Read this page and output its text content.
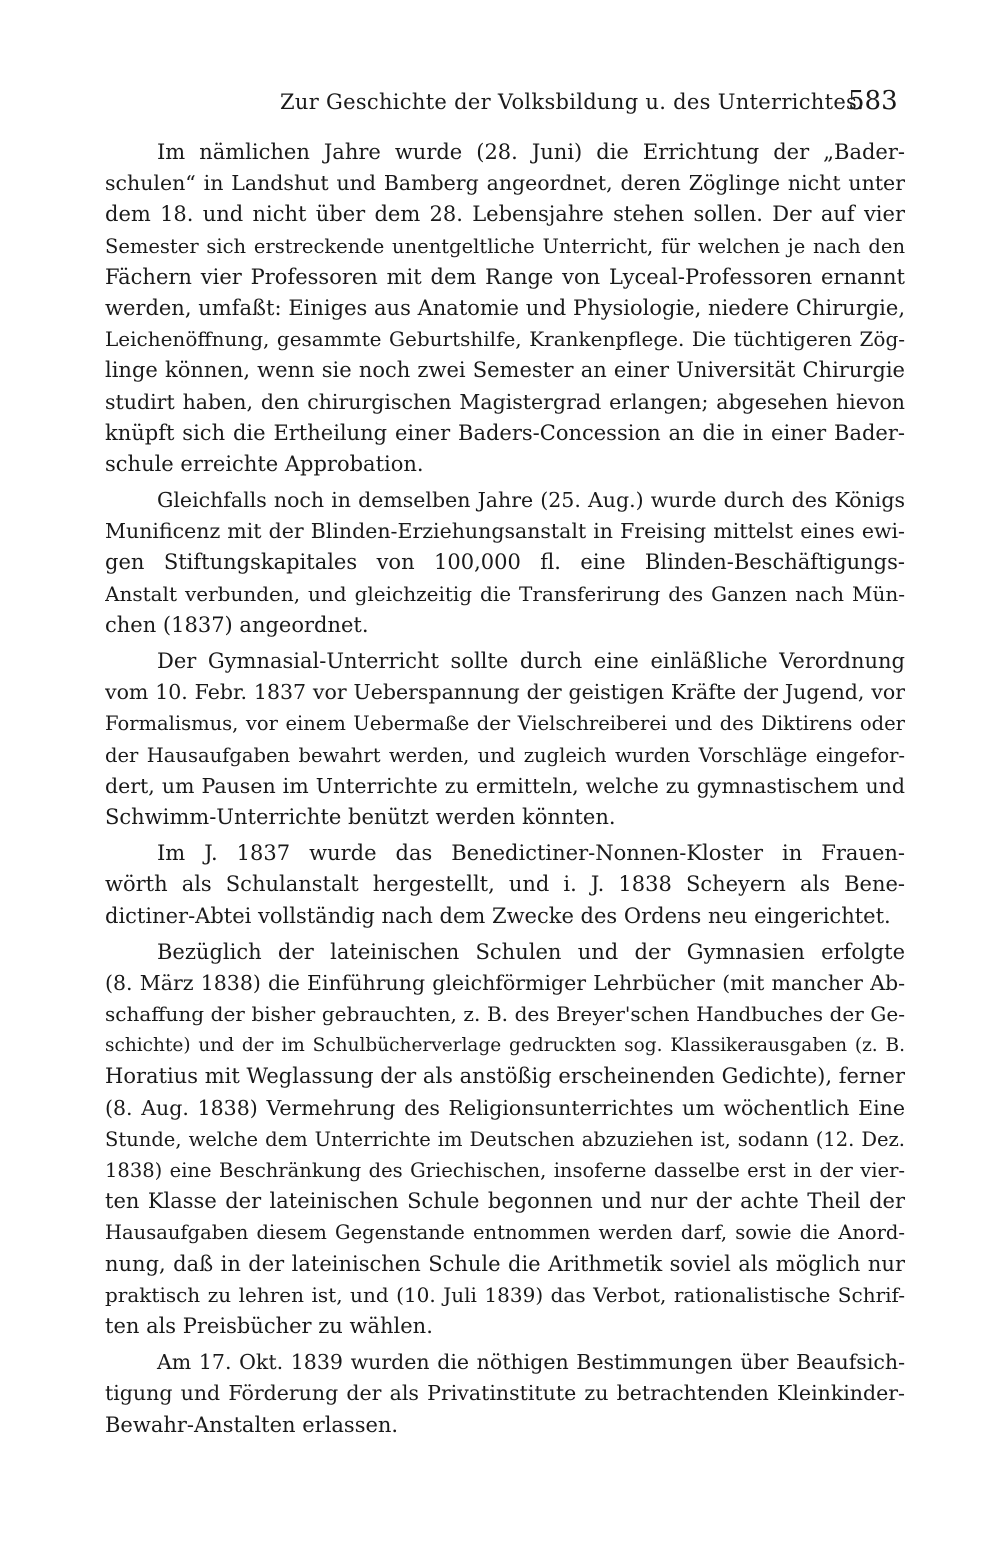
Zur Geschichte der Volksbildung u. des Unterrichtes.
583
Im nämlichen Jahre wurde (28. Juni) die Errichtung der „Bader-
schulen“ in Landshut und Bamberg angeordnet, deren Zöglinge nicht unter
dem 18. und nicht über dem 28. Lebensjahre stehen sollen. Der auf vier
Semester sich erstreckende unentgeltliche Unterricht, für welchen je nach den
Fächern vier Professoren mit dem Range von Lyceal-Professoren ernannt
werden, umfaßt: Einiges aus Anatomie und Physiologie, niedere Chirurgie,
Leichenöffnung, gesammte Geburtshilfe, Krankenpflege. Die tüchtigeren Zög-
linge können, wenn sie noch zwei Semester an einer Universität Chirurgie
studirt haben, den chirurgischen Magistergrad erlangen; abgesehen hievon
knüpft sich die Ertheilung einer Baders-Concession an die in einer Bader-
schule erreichte Approbation.
Gleichfalls noch in demselben Jahre (25. Aug.) wurde durch des Königs
Munificenz mit der Blinden-Erziehungsanstalt in Freising mittelst eines ewi-
gen Stiftungskapitales von 100,000 fl. eine Blinden-Beschäftigungs-
Anstalt verbunden, und gleichzeitig die Transferirung des Ganzen nach Mün-
chen (1837) angeordnet.
Der Gymnasial-Unterricht sollte durch eine einläßliche Verordnung
vom 10. Febr. 1837 vor Ueberspannung der geistigen Kräfte der Jugend, vor
Formalismus, vor einem Uebermaße der Vielschreiberei und des Diktirens oder
der Hausaufgaben bewahrt werden, und zugleich wurden Vorschläge eingefor-
dert, um Pausen im Unterrichte zu ermitteln, welche zu gymnastischem und
Schwimm-Unterrichte benützt werden könnten.
Im J. 1837 wurde das Benedictiner-Nonnen-Kloster in Frauen-
wörth als Schulanstalt hergestellt, und i. J. 1838 Scheyern als Bene-
dictiner-Abtei vollständig nach dem Zwecke des Ordens neu eingerichtet.
Bezüglich der lateinischen Schulen und der Gymnasien erfolgte
(8. März 1838) die Einführung gleichförmiger Lehrbücher (mit mancher Ab-
schaffung der bisher gebrauchten, z. B. des Breyer'schen Handbuches der Ge-
schichte) und der im Schulbücherverlage gedruckten sog. Klassikerausgaben (z. B.
Horatius mit Weglassung der als anstößig erscheinenden Gedichte), ferner
(8. Aug. 1838) Vermehrung des Religionsunterrichtes um wöchentlich Eine
Stunde, welche dem Unterrichte im Deutschen abzuziehen ist, sodann (12. Dez.
1838) eine Beschränkung des Griechischen, insoferne dasselbe erst in der vier-
ten Klasse der lateinischen Schule begonnen und nur der achte Theil der
Hausaufgaben diesem Gegenstande entnommen werden darf, sowie die Anord-
nung, daß in der lateinischen Schule die Arithmetik soviel als möglich nur
praktisch zu lehren ist, und (10. Juli 1839) das Verbot, rationalistische Schrif-
ten als Preisbücher zu wählen.
Am 17. Okt. 1839 wurden die nöthigen Bestimmungen über Beaufsich-
tigung und Förderung der als Privatinstitute zu betrachtenden Kleinkinder-
Bewahr-Anstalten erlassen.
